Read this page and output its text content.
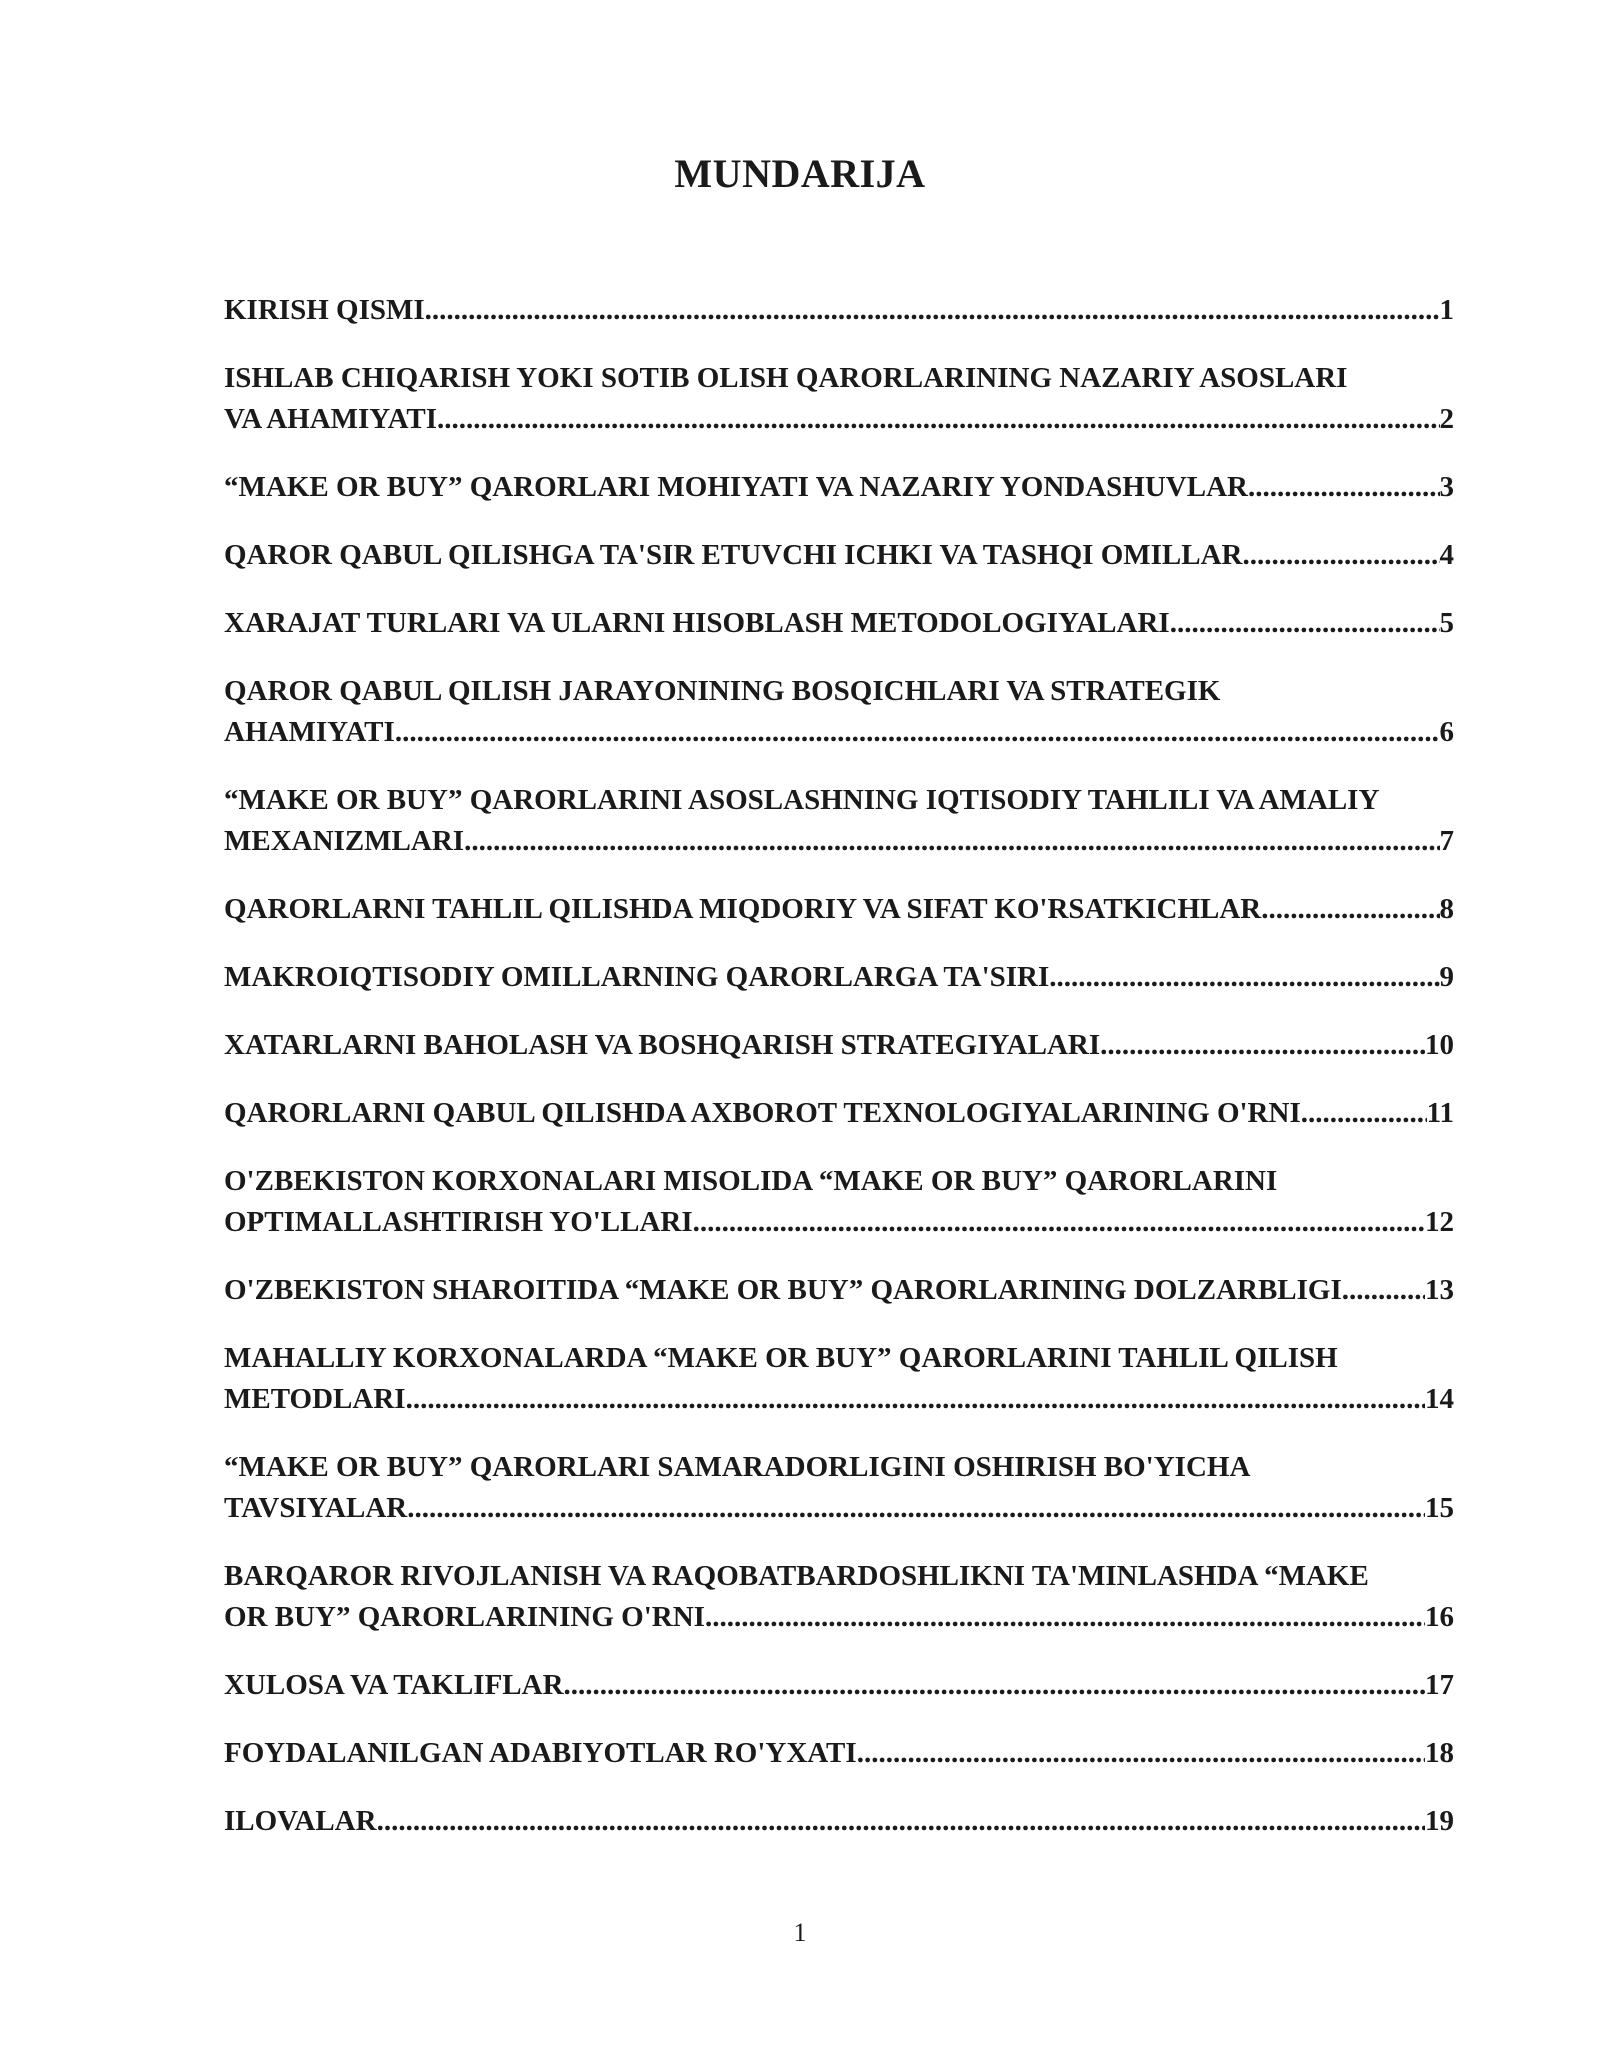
MUNDARIJA
KIRISH QISMI .....	1
ISHLAB CHIQARISH YOKI SOTIB OLISH QARORLARINING NAZARIY ASOSLARI
VA AHAMIYATI .....	2
“MAKE OR BUY” QARORLARI MOHIYATI VA NAZARIY YONDASHUVLAR .....	3
QAROR QABUL QILISHGA TA'SIR ETUVCHI ICHKI VA TASHQI OMILLAR .....	4
XARAJAT TURLARI VA ULARNI HISOBLASH METODOLOGIYALARI .....	5
QAROR QABUL QILISH JARAYONINING BOSQICHLARI VA STRATEGIK
AHAMIYATI .....	6
“MAKE OR BUY” QARORLARINI ASOSLASHNING IQTISODIY TAHLILI VA AMALIY
MEXANIZMLARI .....	7
QARORLARNI TAHLIL QILISHDA MIQDORIY VA SIFAT KO'RSATKICHLAR .....	8
MAKROIQTISODIY OMILLARNING QARORLARGA TA'SIRI .....	9
XATARLARNI BAHOLASH VA BOSHQARISH STRATEGIYALARI .....	10
QARORLARNI QABUL QILISHDA AXBOROT TEXNOLOGIYALARINING O'RNI .....	11
O'ZBEKISTON KORXONALARI MISOLIDA “MAKE OR BUY” QARORLARINI
OPTIMALLASHTIRISH YO'LLARI .....	12
O'ZBEKISTON SHAROITIDA “MAKE OR BUY” QARORLARINING DOLZARBLIGI .....	13
MAHALLIY KORXONALARDA “MAKE OR BUY” QARORLARINI TAHLIL QILISH
METODLARI .....	14
“MAKE OR BUY” QARORLARI SAMARADORLIGINI OSHIRISH BO'YICHA
TAVSIYALAR .....	15
BARQAROR RIVOJLANISH VA RAQOBATBARDOSHLIKNI TA'MINLASHDA “MAKE
OR BUY” QARORLARINING O'RNI .....	16
XULOSA VA TAKLIFLAR .....	17
FOYDALANILGAN ADABIYOTLAR RO'YXATI .....	18
ILOVALAR .....	19
1
